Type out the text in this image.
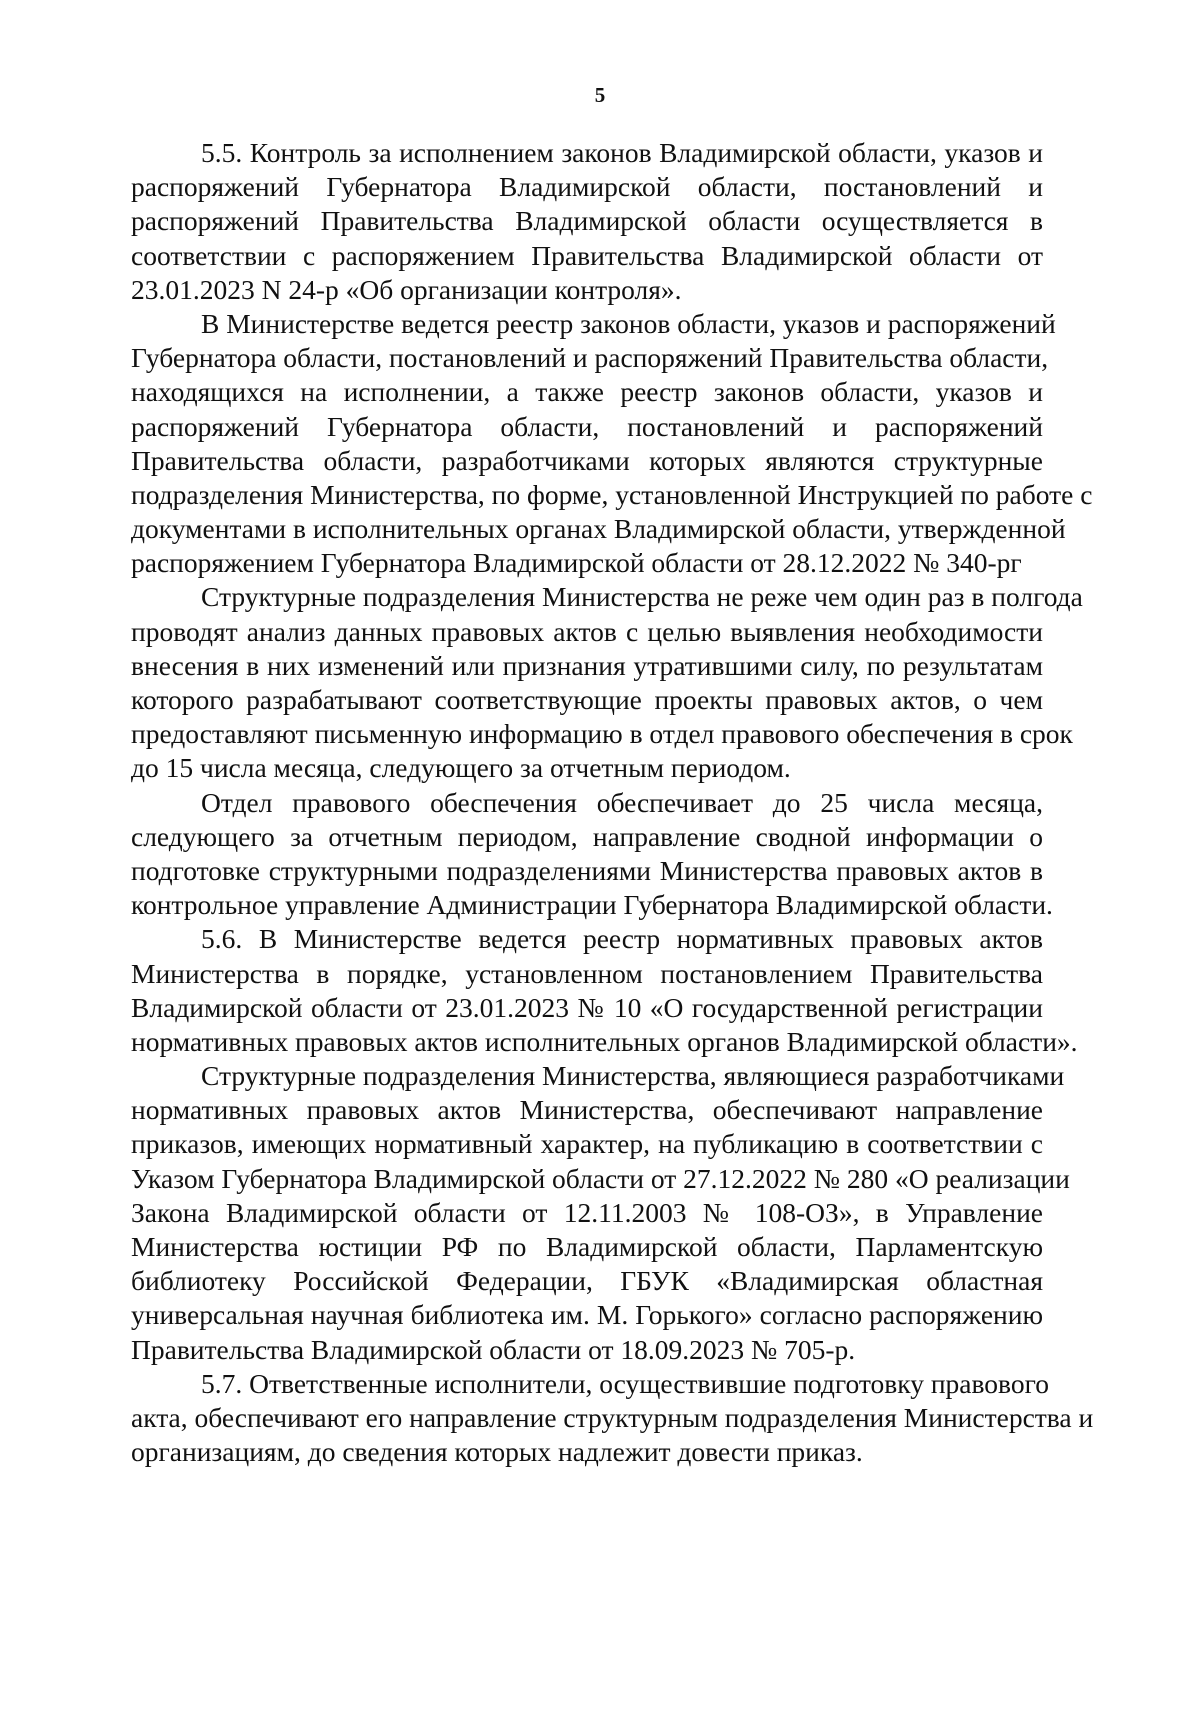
5
5.5. Контроль за исполнением законов Владимирской области, указов и
распоряжений Губернатора Владимирской области, постановлений и
распоряжений Правительства Владимирской области осуществляется в
соответствии с распоряжением Правительства Владимирской области от
23.01.2023 N 24-р «Об организации контроля».
В Министерстве ведется реестр законов области, указов и распоряжений
Губернатора области, постановлений и распоряжений Правительства области,
находящихся на исполнении, а также реестр законов области, указов и
распоряжений Губернатора области, постановлений и распоряжений
Правительства области, разработчиками которых являются структурные
подразделения Министерства, по форме, установленной Инструкцией по работе с
документами в исполнительных органах Владимирской области, утвержденной
распоряжением Губернатора Владимирской области от 28.12.2022 № 340-рг
Структурные подразделения Министерства не реже чем один раз в полгода
проводят анализ данных правовых актов с целью выявления необходимости
внесения в них изменений или признания утратившими силу, по результатам
которого разрабатывают соответствующие проекты правовых актов, о чем
предоставляют письменную информацию в отдел правового обеспечения в срок
до 15 числа месяца, следующего за отчетным периодом.
Отдел правового обеспечения обеспечивает до 25 числа месяца,
следующего за отчетным периодом, направление сводной информации о
подготовке структурными подразделениями Министерства правовых актов в
контрольное управление Администрации Губернатора Владимирской области.
5.6. В Министерстве ведется реестр нормативных правовых актов
Министерства в порядке, установленном постановлением Правительства
Владимирской области от 23.01.2023 № 10 «О государственной регистрации
нормативных правовых актов исполнительных органов Владимирской области».
Структурные подразделения Министерства, являющиеся разработчиками
нормативных правовых актов Министерства, обеспечивают направление
приказов, имеющих нормативный характер, на публикацию в соответствии с
Указом Губернатора Владимирской области от 27.12.2022 № 280 «О реализации
Закона Владимирской области от 12.11.2003 № 108-ОЗ», в Управление
Министерства юстиции РФ по Владимирской области, Парламентскую
библиотеку Российской Федерации, ГБУК «Владимирская областная
универсальная научная библиотека им. М. Горького» согласно распоряжению
Правительства Владимирской области от 18.09.2023 № 705-р.
5.7. Ответственные исполнители, осуществившие подготовку правового
акта, обеспечивают его направление структурным подразделения Министерства и
организациям, до сведения которых надлежит довести приказ.
